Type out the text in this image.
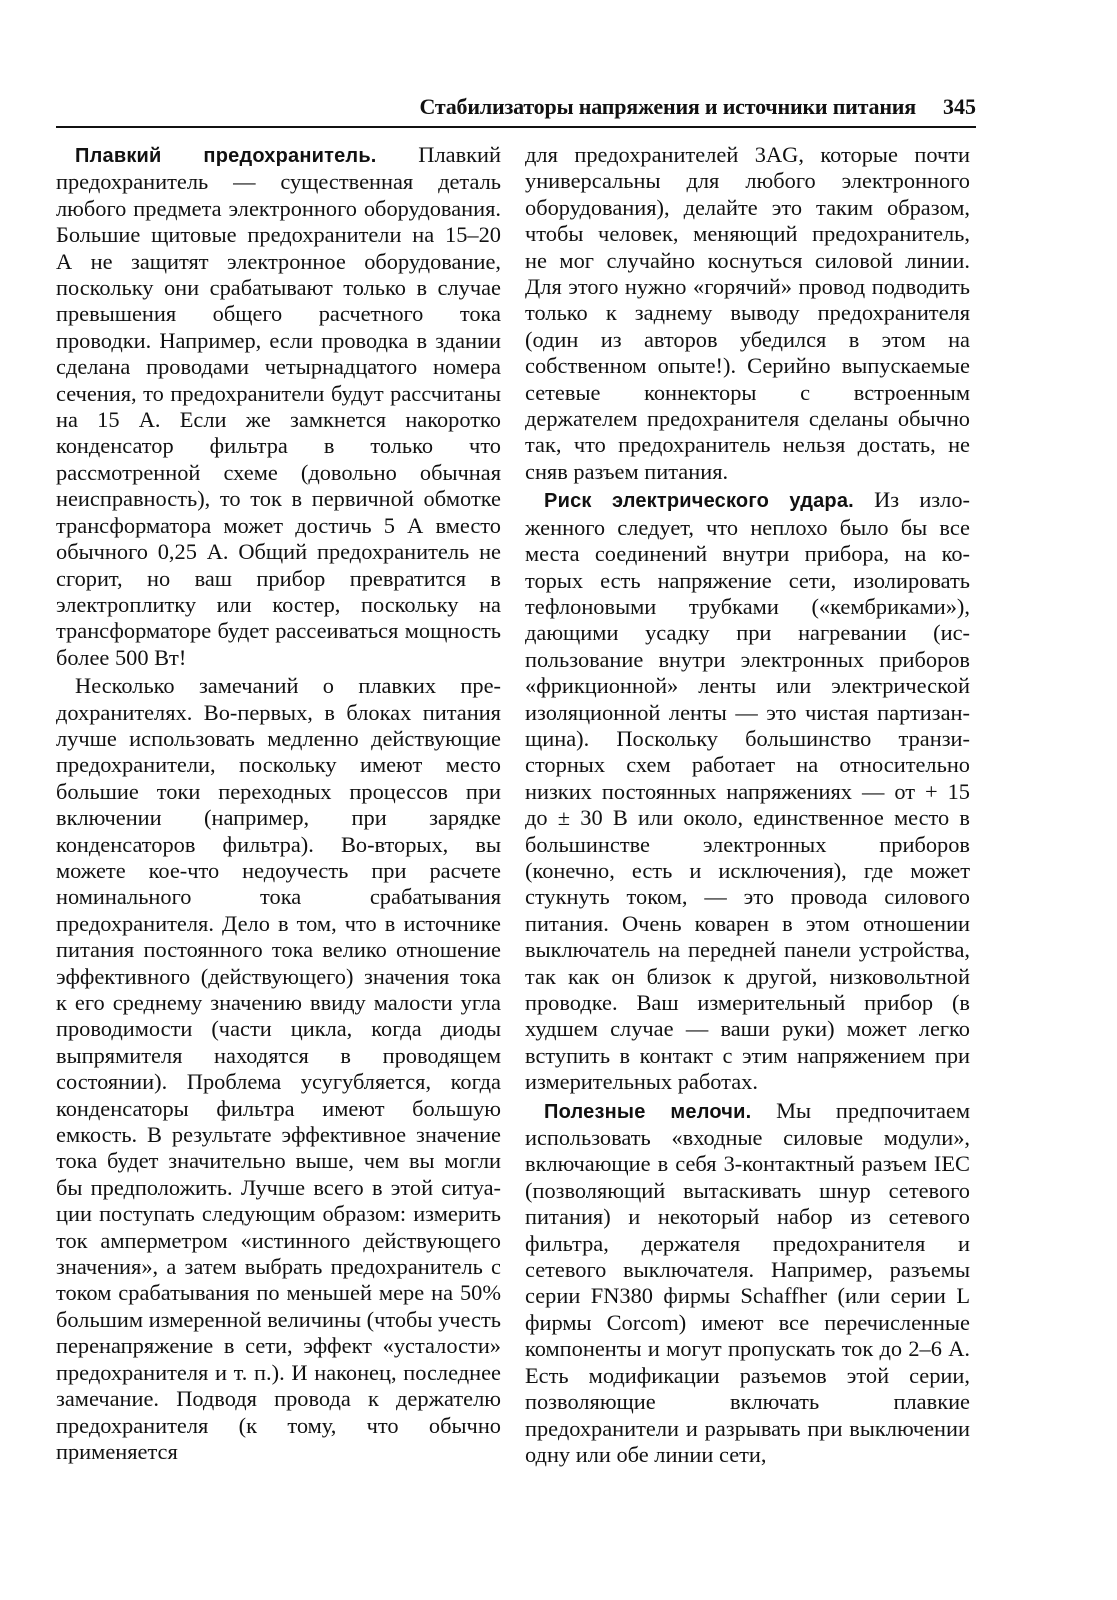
Стабилизаторы напряжения и источники питания 345

Плавкий предохранитель. Плавкий предохранитель — существенная деталь любого предмета электронного оборудования. Большие щитовые предохранители на 15–20 А не защитят электронное оборудование, поскольку они срабатывают только в случае превышения общего расчетного тока проводки. Например, если проводка в здании сделана проводами четырнадцатого номера сечения, то предохранители будут рассчитаны на 15 А. Если же замкнется накоротко конденсатор фильтра в только что рассмотренной схеме (довольно обычная неисправность), то ток в первичной обмотке трансформатора может достичь 5 А вместо обычного 0,25 А. Общий предохранитель не сгорит, но ваш прибор превратится в электроплитку или костер, поскольку на трансформаторе будет рассеиваться мощность более 500 Вт!

Несколько замечаний о плавких предохранителях. Во-первых, в блоках питания лучше использовать медленно действующие предохранители, поскольку имеют место большие токи переходных процессов при включении (например, при зарядке конденсаторов фильтра). Во-вторых, вы можете кое-что недоучесть при расчете номинального тока срабатывания предохранителя. Дело в том, что в источнике питания постоянного тока велико отношение эффективного (действующего) значения тока к его среднему значению ввиду малости угла проводимости (части цикла, когда диоды выпрямителя находятся в проводящем состоянии). Проблема усугубляется, когда конденсаторы фильтра имеют большую емкость. В результате эффективное значение тока будет значительно выше, чем вы могли бы предположить. Лучше всего в этой ситуации поступать следующим образом: измерить ток амперметром «истинного действующего значения», а затем выбрать предохранитель с током срабатывания по меньшей мере на 50% большим измеренной величины (чтобы учесть перенапряжение в сети, эффект «усталости» предохранителя и т. п.). И наконец, последнее замечание. Подводя провода к держателю предохранителя (к тому, что обычно применяется

для предохранителей 3AG, которые почти универсальны для любого электронного оборудования), делайте это таким образом, чтобы человек, меняющий предохранитель, не мог случайно коснуться силовой линии. Для этого нужно «горячий» провод подводить только к заднему выводу предохранителя (один из авторов убедился в этом на собственном опыте!). Серийно выпускаемые сетевые коннекторы с встроенным держателем предохранителя сделаны обычно так, что предохранитель нельзя достать, не сняв разъем питания.

Риск электрического удара. Из изложенного следует, что неплохо было бы все места соединений внутри прибора, на которых есть напряжение сети, изолировать тефлоновыми трубками («кембриками»), дающими усадку при нагревании (использование внутри электронных приборов «фрикционной» ленты или электрической изоляционной ленты — это чистая партизанщина). Поскольку большинство транзисторных схем работает на относительно низких постоянных напряжениях — от + 15 до ± 30 В или около, единственное место в большинстве электронных приборов (конечно, есть и исключения), где может стукнуть током, — это провода силового питания. Очень коварен в этом отношении выключатель на передней панели устройства, так как он близок к другой, низковольтной проводке. Ваш измерительный прибор (в худшем случае — ваши руки) может легко вступить в контакт с этим напряжением при измерительных работах.

Полезные мелочи. Мы предпочитаем использовать «входные силовые модули», включающие в себя 3-контактный разъем IEC (позволяющий вытаскивать шнур сетевого питания) и некоторый набор из сетевого фильтра, держателя предохранителя и сетевого выключателя. Например, разъемы серии FN380 фирмы Schaffher (или серии L фирмы Corcom) имеют все перечисленные компоненты и могут пропускать ток до 2–6 А. Есть модификации разъемов этой серии, позволяющие включать плавкие предохранители и разрывать при выключении одну или обе линии сети,
